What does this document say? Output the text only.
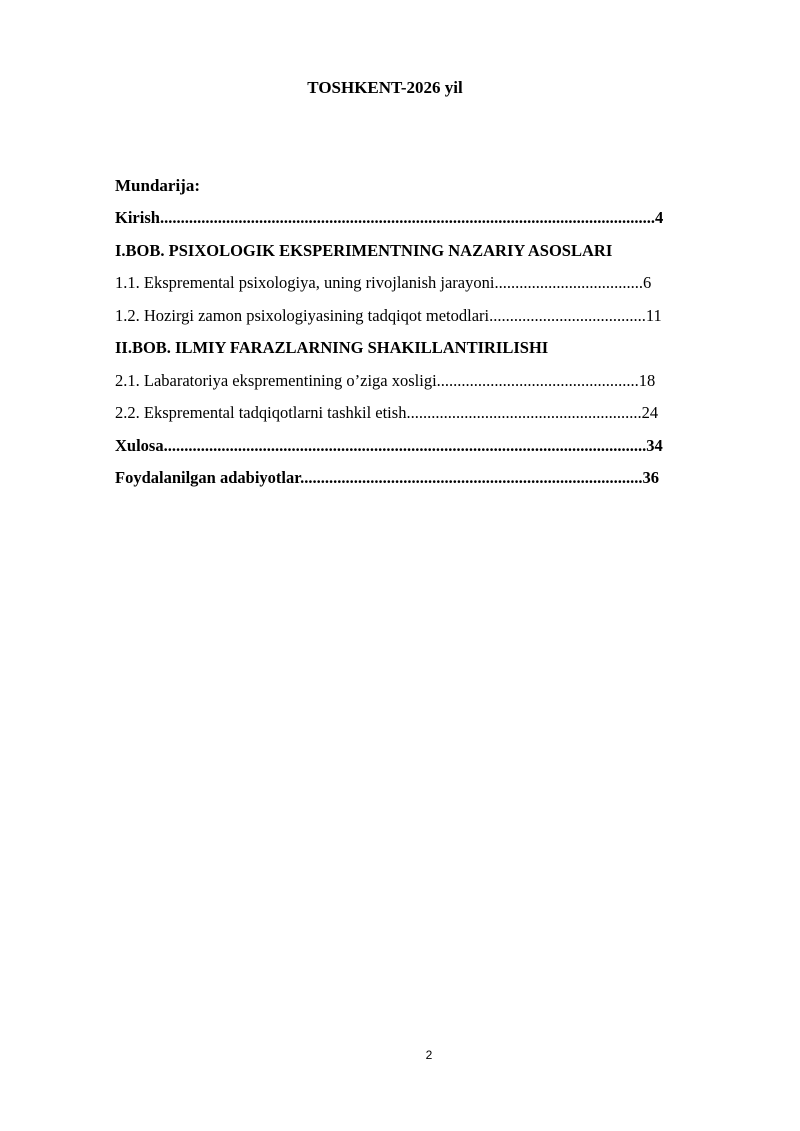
TOSHKENT-2026 yil
Mundarija:
Kirish........................................................................................................................4
I.BOB. PSIXOLOGIK EKSPERIMENTNING NAZARIY ASOSLARI
1.1. Ekspremental psixologiya, uning rivojlanish jarayoni....................................6
1.2. Hozirgi zamon psixologiyasining tadqiqot metodlari......................................11
II.BOB. ILMIY FARAZLARNING SHAKILLANTIRILISHI
2.1. Labaratoriya eksprementining o’ziga xosligi.................................................18
2.2. Ekspremental tadqiqotlarni tashkil etish.........................................................24
Xulosa.....................................................................................................................34
Foydalanilgan adabiyotlar...................................................................................36
2
